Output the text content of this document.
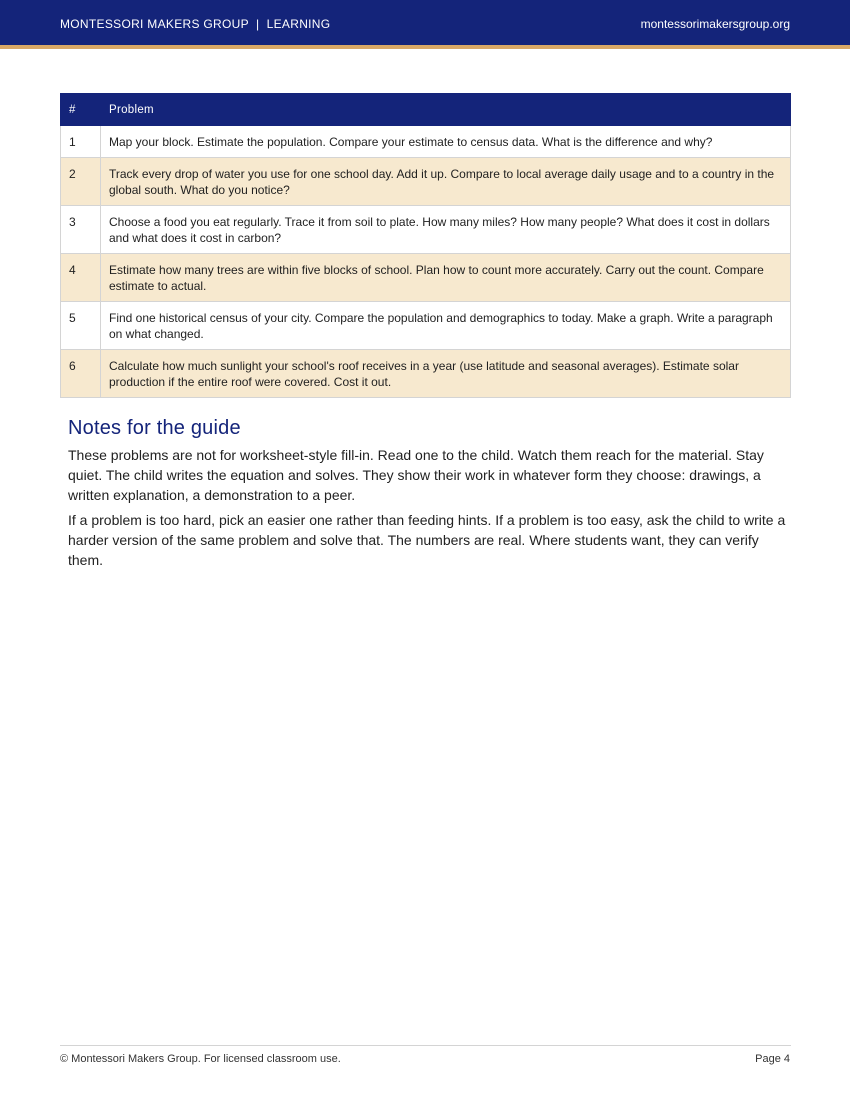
MONTESSORI MAKERS GROUP  |  LEARNING	montessorimakersgroup.org
#	Problem
1	Map your block. Estimate the population. Compare your estimate to census data. What is the difference and why?
2	Track every drop of water you use for one school day. Add it up. Compare to local average daily usage and to a country in the global south. What do you notice?
3	Choose a food you eat regularly. Trace it from soil to plate. How many miles? How many people? What does it cost in dollars and what does it cost in carbon?
4	Estimate how many trees are within five blocks of school. Plan how to count more accurately. Carry out the count. Compare estimate to actual.
5	Find one historical census of your city. Compare the population and demographics to today. Make a graph. Write a paragraph on what changed.
6	Calculate how much sunlight your school's roof receives in a year (use latitude and seasonal averages). Estimate solar production if the entire roof were covered. Cost it out.
Notes for the guide

These problems are not for worksheet-style fill-in. Read one to the child. Watch them reach for the material. Stay quiet. The child writes the equation and solves. They show their work in whatever form they choose: drawings, a written explanation, a demonstration to a peer.

If a problem is too hard, pick an easier one rather than feeding hints. If a problem is too easy, ask the child to write a harder version of the same problem and solve that. The numbers are real. Where students want, they can verify them.

© Montessori Makers Group. For licensed classroom use.	Page 4
